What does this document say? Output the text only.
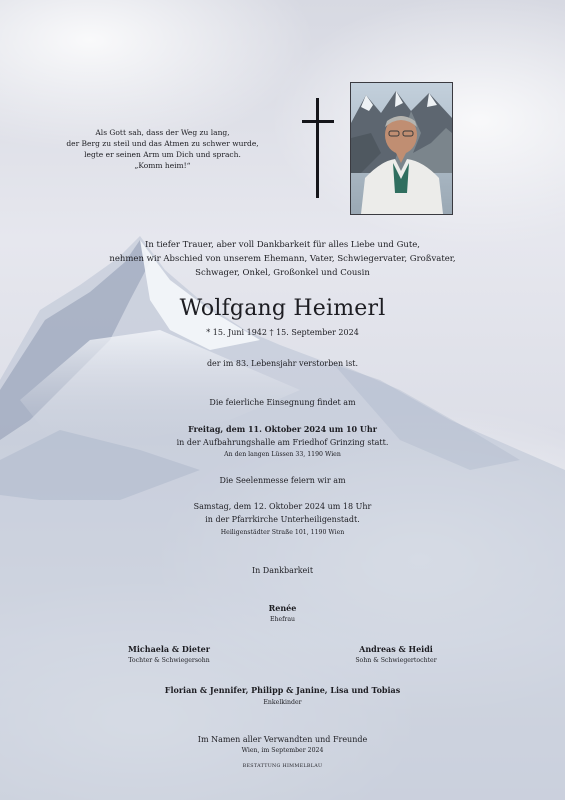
Als Gott sah, dass der Weg zu lang,
der Berg zu steil und das Atmen zu schwer wurde,
legte er seinen Arm um Dich und sprach.
„Komm heim!“
In tiefer Trauer, aber voll Dankbarkeit für alles Liebe und Gute,
nehmen wir Abschied von unserem Ehemann, Vater, Schwiegervater, Großvater,
Schwager, Onkel, Großonkel und Cousin
Wolfgang Heimerl
* 15. Juni 1942 † 15. September 2024
der im 83. Lebensjahr verstorben ist.
Die feierliche Einsegnung findet am
Freitag, dem 11. Oktober 2024 um 10 Uhr
in der Aufbahrungshalle am Friedhof Grinzing statt.
An den langen Lüssen 33, 1190 Wien
Die Seelenmesse feiern wir am
Samstag, dem 12. Oktober 2024 um 18 Uhr
in der Pfarrkirche Unterheiligenstadt.
Heiligenstädter Straße 101, 1190 Wien
In Dankbarkeit
Renée
Ehefrau
Michaela & Dieter
Tochter & Schwiegersohn
Andreas & Heidi
Sohn & Schwiegertochter
Florian & Jennifer, Philipp & Janine, Lisa und Tobias
Enkelkinder
Im Namen aller Verwandten und Freunde
Wien, im September 2024
BESTATTUNG HIMMELBLAU
